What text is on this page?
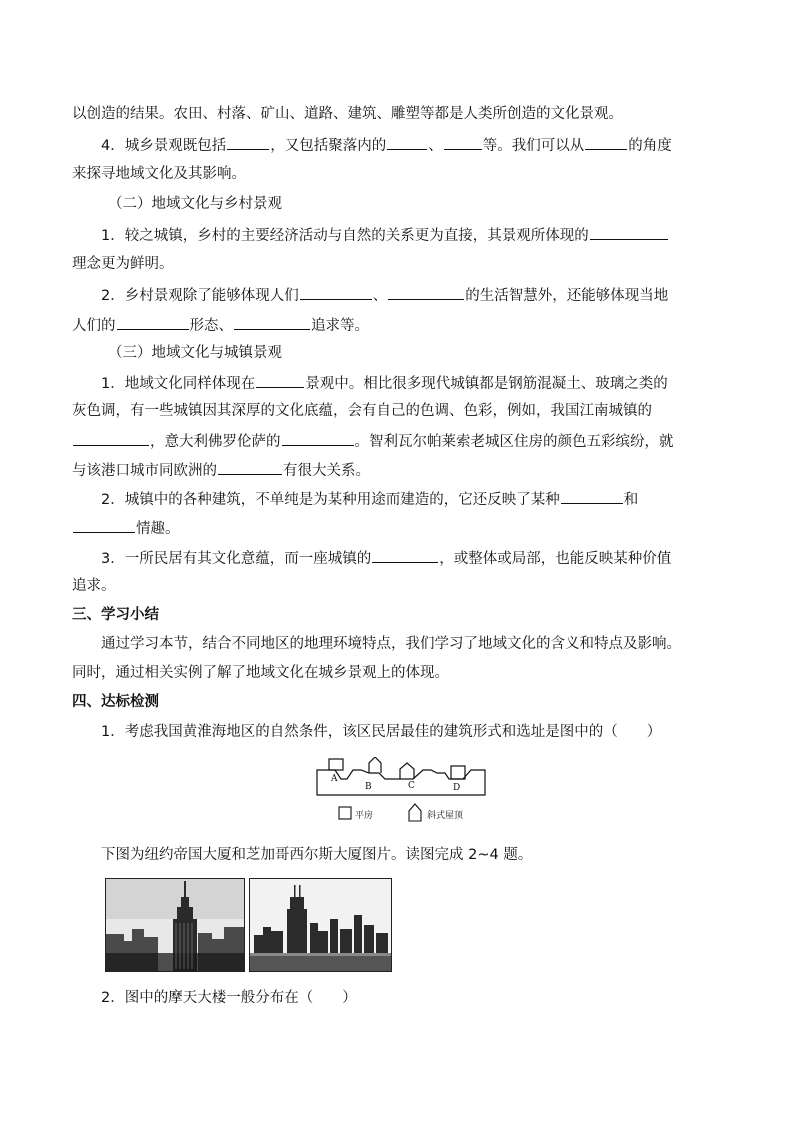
以创造的结果。农田、村落、矿山、道路、建筑、雕塑等都是人类所创造的文化景观。
4．城乡景观既包括	，又包括聚落内的	、	等。我们可以从	的角度
来探寻地域文化及其影响。
（二）地域文化与乡村景观
1．较之城镇，乡村的主要经济活动与自然的关系更为直接，其景观所体现的
理念更为鲜明。
2．乡村景观除了能够体现人们	、	的生活智慧外，还能够体现当地
人们的	形态、	追求等。
（三）地域文化与城镇景观
1．地域文化同样体现在	景观中。相比很多现代城镇都是钢筋混凝土、玻璃之类的
灰色调，有一些城镇因其深厚的文化底蕴，会有自己的色调、色彩，例如，我国江南城镇的
，意大利佛罗伦萨的	。智利瓦尔帕莱索老城区住房的颜色五彩缤纷，就
与该港口城市同欧洲的	有很大关系。
2．城镇中的各种建筑，不单纯是为某种用途而建造的，它还反映了某种	和
情趣。
3．一所民居有其文化意蕴，而一座城镇的	，或整体或局部，也能反映某种价值
追求。
三、学习小结
通过学习本节，结合不同地区的地理环境特点，我们学习了地域文化的含义和特点及影响。
同时，通过相关实例了解了地域文化在城乡景观上的体现。
四、达标检测
1．考虑我国黄淮海地区的自然条件，该区民居最佳的建筑形式和选址是图中的（　　）
A
B	C	D
平房	斜式屋顶
下图为纽约帝国大厦和芝加哥西尔斯大厦图片。读图完成 2~4 题。
2．图中的摩天大楼一般分布在（　　）
